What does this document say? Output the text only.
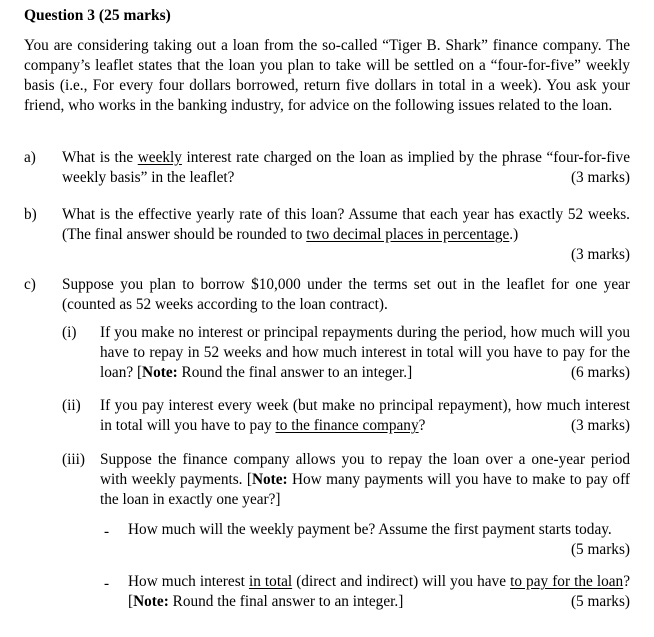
Question 3 (25 marks)
You are considering taking out a loan from the so-called “Tiger B. Shark” finance company. The company’s leaflet states that the loan you plan to take will be settled on a “four-for-five” weekly basis (i.e., For every four dollars borrowed, return five dollars in total in a week). You ask your friend, who works in the banking industry, for advice on the following issues related to the loan.
a)	What is the weekly interest rate charged on the loan as implied by the phrase “four-for-five weekly basis” in the leaflet?	(3 marks)
b)	What is the effective yearly rate of this loan? Assume that each year has exactly 52 weeks. (The final answer should be rounded to two decimal places in percentage.)
(3 marks)
c)	Suppose you plan to borrow $10,000 under the terms set out in the leaflet for one year (counted as 52 weeks according to the loan contract).
(i) If you make no interest or principal repayments during the period, how much will you have to repay in 52 weeks and how much interest in total will you have to pay for the loan? [Note: Round the final answer to an integer.]	(6 marks)
(ii) If you pay interest every week (but make no principal repayment), how much interest in total will you have to pay to the finance company?	(3 marks)
(iii) Suppose the finance company allows you to repay the loan over a one-year period with weekly payments. [Note: How many payments will you have to make to pay off the loan in exactly one year?]
-	How much will the weekly payment be? Assume the first payment starts today.
(5 marks)
-	How much interest in total (direct and indirect) will you have to pay for the loan? [Note: Round the final answer to an integer.]	(5 marks)
